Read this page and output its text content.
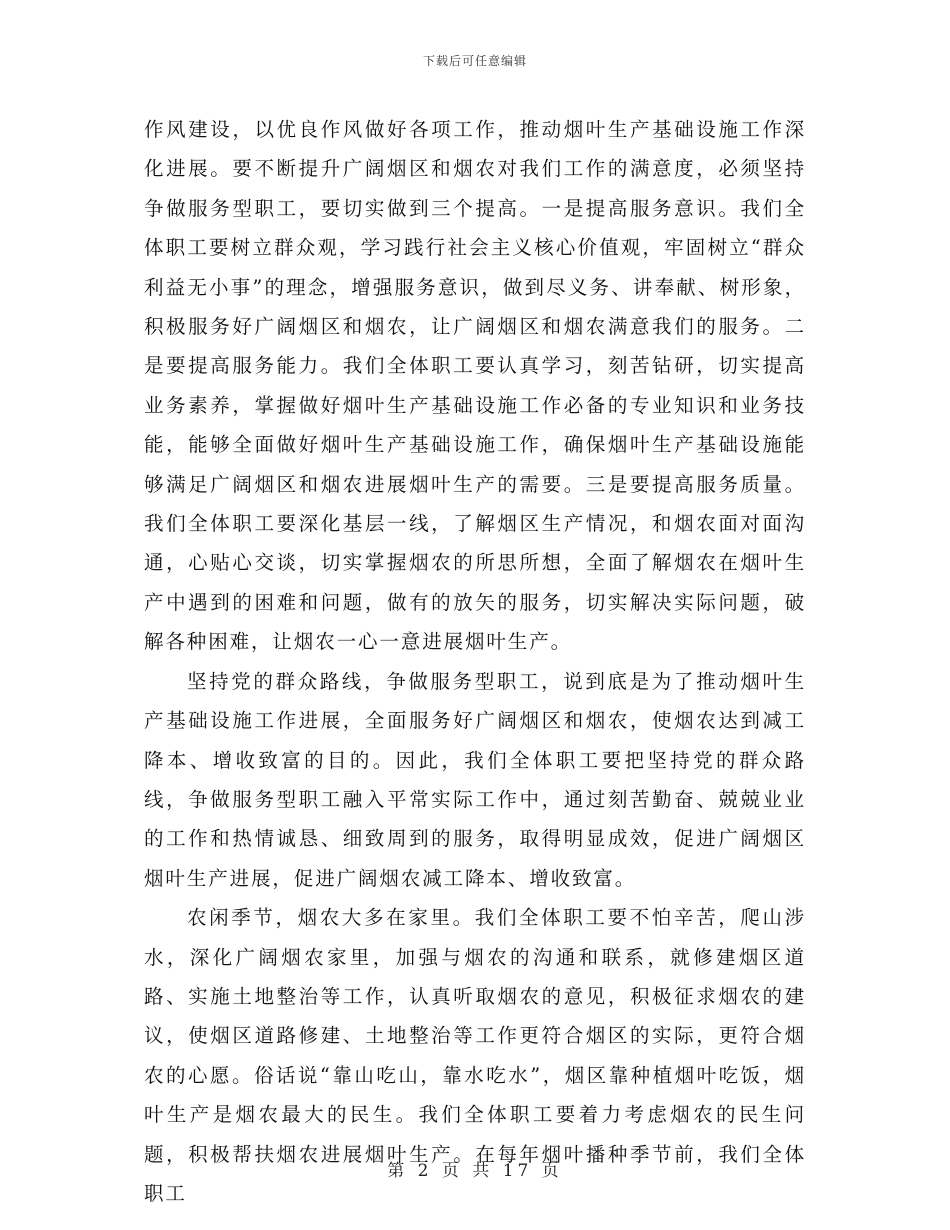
下载后可任意编辑

作风建设，以优良作风做好各项工作，推动烟叶生产基础设施工作深化进展。要不断提升广阔烟区和烟农对我们工作的满意度，必须坚持争做服务型职工，要切实做到三个提高。一是提高服务意识。我们全体职工要树立群众观，学习践行社会主义核心价值观，牢固树立“群众利益无小事”的理念，增强服务意识，做到尽义务、讲奉献、树形象，积极服务好广阔烟区和烟农，让广阔烟区和烟农满意我们的服务。二是要提高服务能力。我们全体职工要认真学习，刻苦钻研，切实提高业务素养，掌握做好烟叶生产基础设施工作必备的专业知识和业务技能，能够全面做好烟叶生产基础设施工作，确保烟叶生产基础设施能够满足广阔烟区和烟农进展烟叶生产的需要。三是要提高服务质量。我们全体职工要深化基层一线，了解烟区生产情况，和烟农面对面沟通，心贴心交谈，切实掌握烟农的所思所想，全面了解烟农在烟叶生产中遇到的困难和问题，做有的放矢的服务，切实解决实际问题，破解各种困难，让烟农一心一意进展烟叶生产。

坚持党的群众路线，争做服务型职工，说到底是为了推动烟叶生产基础设施工作进展，全面服务好广阔烟区和烟农，使烟农达到减工降本、增收致富的目的。因此，我们全体职工要把坚持党的群众路线，争做服务型职工融入平常实际工作中，通过刻苦勤奋、兢兢业业的工作和热情诚恳、细致周到的服务，取得明显成效，促进广阔烟区烟叶生产进展，促进广阔烟农减工降本、增收致富。

农闲季节，烟农大多在家里。我们全体职工要不怕辛苦，爬山涉水，深化广阔烟农家里，加强与烟农的沟通和联系，就修建烟区道路、实施土地整治等工作，认真听取烟农的意见，积极征求烟农的建议，使烟区道路修建、土地整治等工作更符合烟区的实际，更符合烟农的心愿。俗话说“靠山吃山，靠水吃水”，烟区靠种植烟叶吃饭，烟叶生产是烟农最大的民生。我们全体职工要着力考虑烟农的民生问题，积极帮扶烟农进展烟叶生产。在每年烟叶播种季节前，我们全体职工

第 2 页 共 17 页
